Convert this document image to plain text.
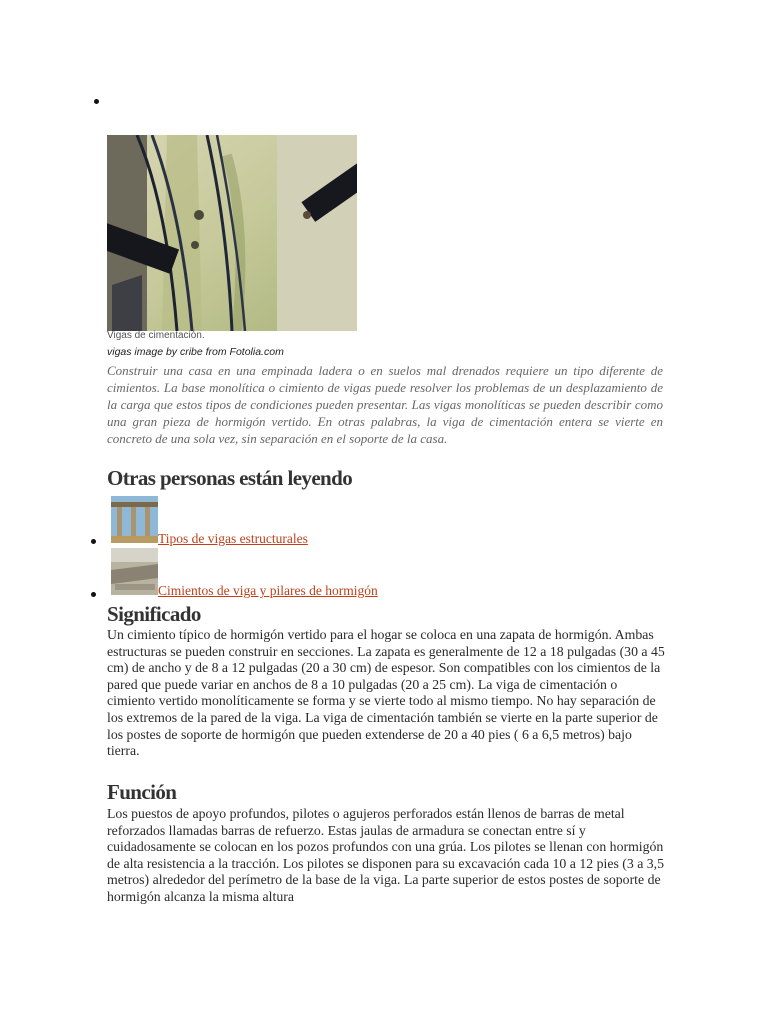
Vigas de cimentación.
vigas image by cribe from Fotolia.com

Construir una casa en una empinada ladera o en suelos mal drenados requiere un tipo diferente de cimientos. La base monolítica o cimiento de vigas puede resolver los problemas de un desplazamiento de la carga que estos tipos de condiciones pueden presentar. Las vigas monolíticas se pueden describir como una gran pieza de hormigón vertido. En otras palabras, la viga de cimentación entera se vierte en concreto de una sola vez, sin separación en el soporte de la casa.

Otras personas están leyendo
Tipos de vigas estructurales
Cimientos de viga y pilares de hormigón
Significado

Un cimiento típico de hormigón vertido para el hogar se coloca en una zapata de hormigón. Ambas estructuras se pueden construir en secciones. La zapata es generalmente de 12 a 18 pulgadas (30 a 45 cm) de ancho y de 8 a 12 pulgadas (20 a 30 cm) de espesor. Son compatibles con los cimientos de la pared que puede variar en anchos de 8 a 10 pulgadas (20 a 25 cm). La viga de cimentación o cimiento vertido monolíticamente se forma y se vierte todo al mismo tiempo. No hay separación de los extremos de la pared de la viga. La viga de cimentación también se vierte en la parte superior de los postes de soporte de hormigón que pueden extenderse de 20 a 40 pies ( 6 a 6,5 metros) bajo tierra.

Función

Los puestos de apoyo profundos, pilotes o agujeros perforados están llenos de barras de metal reforzados llamadas barras de refuerzo. Estas jaulas de armadura se conectan entre sí y cuidadosamente se colocan en los pozos profundos con una grúa. Los pilotes se llenan con hormigón de alta resistencia a la tracción. Los pilotes se disponen para su excavación cada 10 a 12 pies (3 a 3,5 metros) alrededor del perímetro de la base de la viga. La parte superior de estos postes de soporte de hormigón alcanza la misma altura
